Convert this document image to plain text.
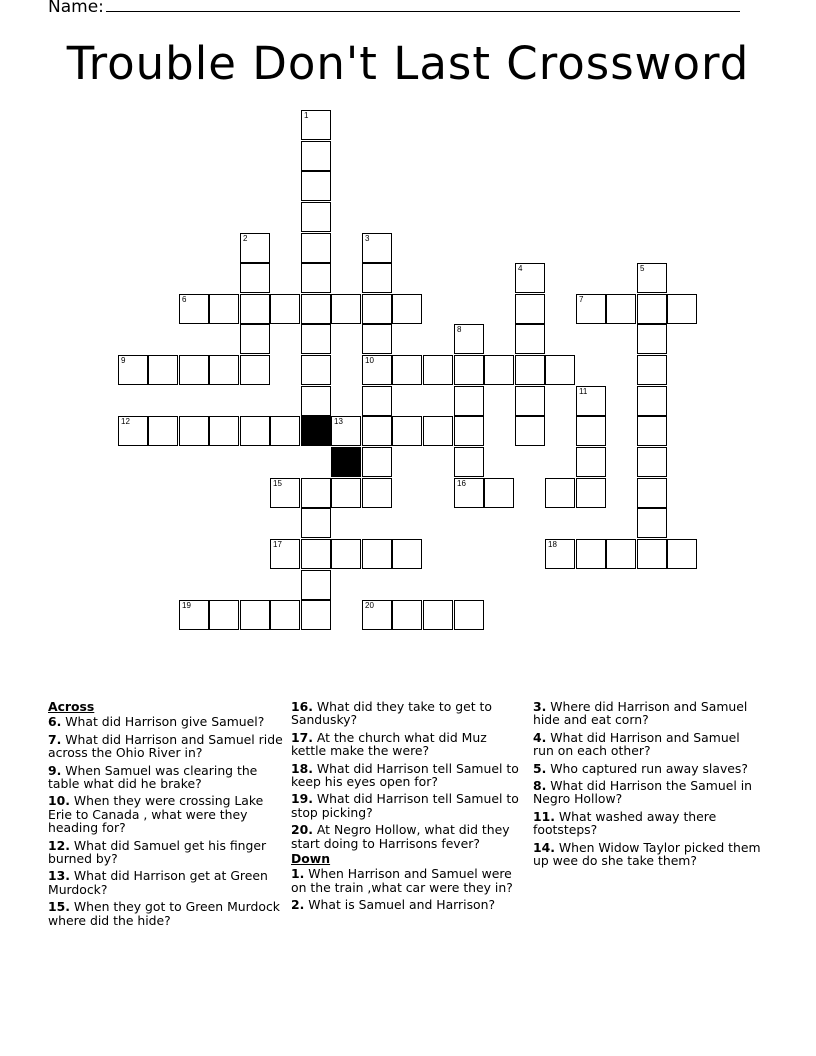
Name:
Trouble Don't Last Crossword
1
2	3
10
4	5
6	7
8
16
9
11
12	13
15
17	18
19	20
Across
6. What did Harrison give Samuel?
7. What did Harrison and Samuel ride across the Ohio River in?
9. When Samuel was clearing the table what did he brake?
10. When they were crossing Lake Erie to Canada , what were they heading for?
12. What did Samuel get his finger burned by?
13. What did Harrison get at Green Murdock?
15. When they got to Green Murdock where did the hide?
16. What did they take to get to Sandusky?
17. At the church what did Muz kettle make the were?
18. What did Harrison tell Samuel to keep his eyes open for?
19. What did Harrison tell Samuel to stop picking?
20. At Negro Hollow, what did they start doing to Harrisons fever?
Down
1. When Harrison and Samuel were on the train ,what car were they in?
2. What is Samuel and Harrison?
3. Where did Harrison and Samuel hide and eat corn?
4. What did Harrison and Samuel run on each other?
5. Who captured run away slaves?
8. What did Harrison the Samuel in Negro Hollow?
11. What washed away there footsteps?
14. When Widow Taylor picked them up wee do she take them?
